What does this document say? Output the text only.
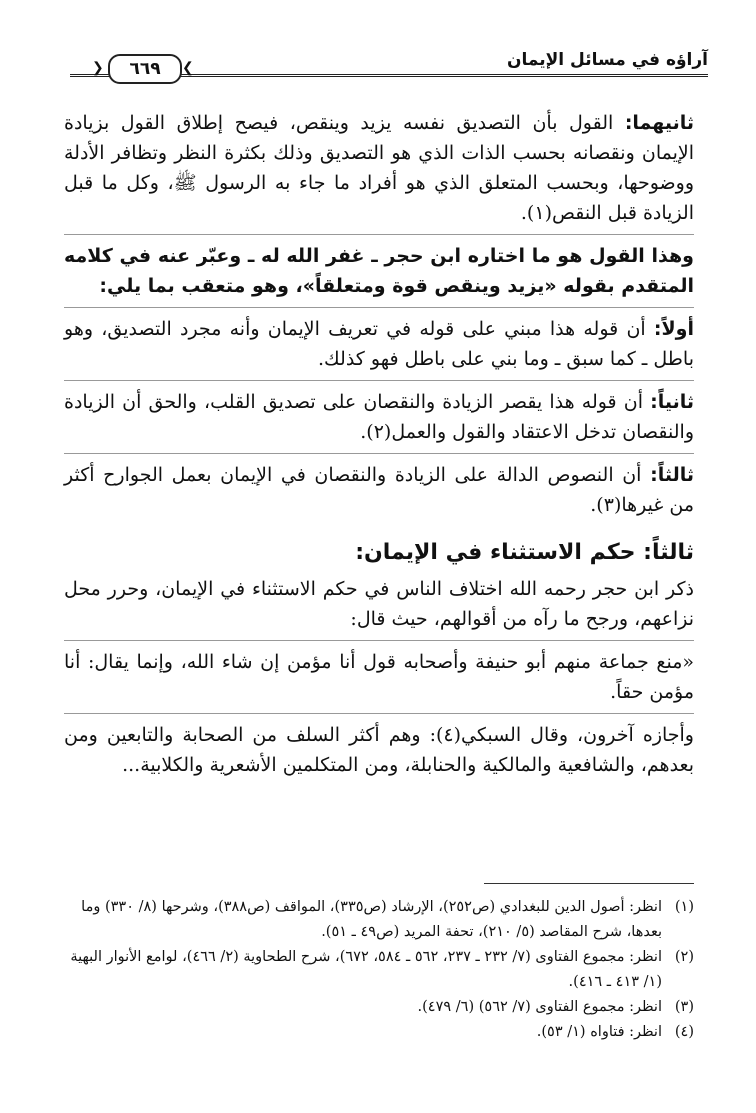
❮	٦٦٩	❯	آراؤه في مسائل الإيمان

ثانيهما: القول بأن التصديق نفسه يزيد وينقص، فيصح إطلاق القول بزيادة الإيمان ونقصانه بحسب الذات الذي هو التصديق وذلك بكثرة النظر وتظافر الأدلة ووضوحها، وبحسب المتعلق الذي هو أفراد ما جاء به الرسول ﷺ، وكل ما قبل الزيادة قبل النقص(١).

وهذا القول هو ما اختاره ابن حجر ـ غفر الله له ـ وعبّر عنه في كلامه المتقدم بقوله «يزيد وينقص قوة ومتعلقاً»، وهو متعقب بما يلي:

أولاً: أن قوله هذا مبني على قوله في تعريف الإيمان وأنه مجرد التصديق، وهو باطل ـ كما سبق ـ وما بني على باطل فهو كذلك.

ثانياً: أن قوله هذا يقصر الزيادة والنقصان على تصديق القلب، والحق أن الزيادة والنقصان تدخل الاعتقاد والقول والعمل(٢).

ثالثاً: أن النصوص الدالة على الزيادة والنقصان في الإيمان بعمل الجوارح أكثر من غيرها(٣).

ثالثاً: حكم الاستثناء في الإيمان:

ذكر ابن حجر رحمه الله اختلاف الناس في حكم الاستثناء في الإيمان، وحرر محل نزاعهم، ورجح ما رآه من أقوالهم، حيث قال:

«منع جماعة منهم أبو حنيفة وأصحابه قول أنا مؤمن إن شاء الله، وإنما يقال: أنا مؤمن حقاً.

وأجازه آخرون، وقال السبكي(٤): وهم أكثر السلف من الصحابة والتابعين ومن بعدهم، والشافعية والمالكية والحنابلة، ومن المتكلمين الأشعرية والكلابية...

(١)
انظر: أصول الدين للبغدادي (ص٢٥٢)، الإرشاد (ص٣٣٥)، المواقف (ص٣٨٨)، وشرحها (٨/ ٣٣٠) وما بعدها، شرح المقاصد (٥/ ٢١٠)، تحفة المريد (ص٤٩ ـ ٥١).
(٢)
انظر: مجموع الفتاوى (٧/ ٢٣٢ ـ ٢٣٧، ٥٦٢ ـ ٥٨٤، ٦٧٢)، شرح الطحاوية (٢/ ٤٦٦)، لوامع الأنوار البهية (١/ ٤١٣ ـ ٤١٦).
(٣)
انظر: مجموع الفتاوى (٧/ ٥٦٢) (٦/ ٤٧٩).
(٤)
انظر: فتاواه (١/ ٥٣).
